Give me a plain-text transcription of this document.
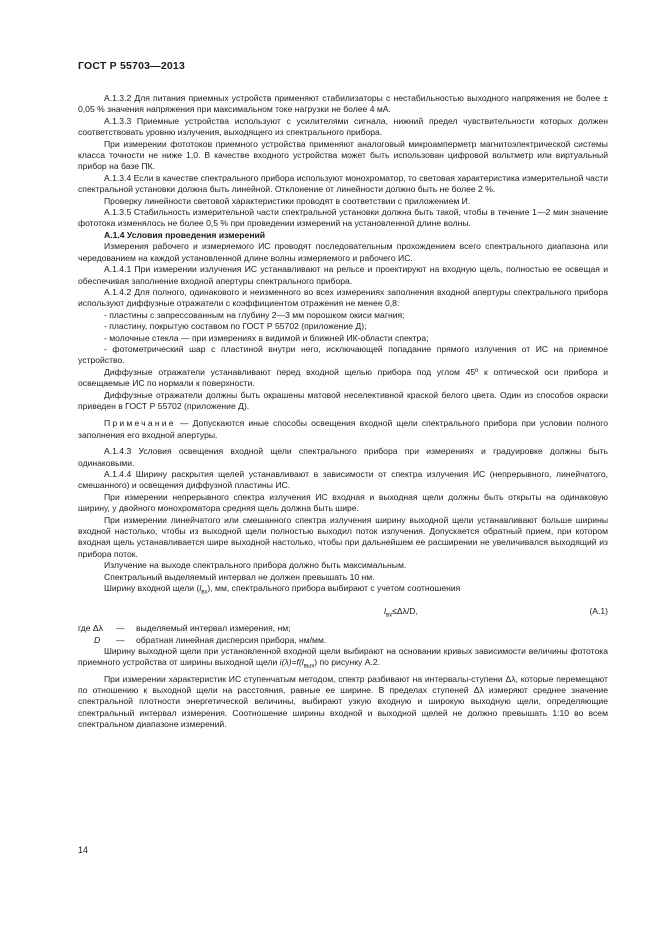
ГОСТ Р 55703—2013

А.1.3.2 Для питания приемных устройств применяют стабилизаторы с нестабильностью выходного напряжения не более ± 0,05 % значения напряжения при максимальном токе нагрузки не более 4 мА.

А.1.3.3 Приемные устройства используют с усилителями сигнала, нижний предел чувствительности которых должен соответствовать уровню излучения, выходящего из спектрального прибора.

При измерении фототоков приемного устройства применяют аналоговый микроамперметр магнитоэлектрической системы класса точности не ниже 1,0. В качестве входного устройства может быть использован цифровой вольтметр или виртуальный прибор на базе ПК.

А.1.3.4 Если в качестве спектрального прибора используют монохроматор, то световая характеристика измерительной части спектральной установки должна быть линейной. Отклонение от линейности должно быть не более 2 %.

Проверку линейности световой характеристики проводят в соответствии с приложением И.

А.1.3.5 Стабильность измерительной части спектральной установки должна быть такой, чтобы в течение 1—2 мин значение фототока изменялось не более 0,5 % при проведении измерений на установленной длине волны.

А.1.4 Условия проведения измерений

Измерения рабочего и измеряемого ИС проводят последовательным прохождением всего спектрального диапазона или чередованием на каждой установленной длине волны измеряемого и рабочего ИС.

А.1.4.1 При измерении излучения ИС устанавливают на рельсе и проектируют на входную щель, полностью ее освещая и обеспечивая заполнение входной апертуры спектрального прибора.

А.1.4.2 Для полного, одинакового и неизменного во всех измерениях заполнения входной апертуры спектрального прибора используют диффузные отражатели с коэффициентом отражения не менее 0,8:

- пластины с запрессованным на глубину 2—3 мм порошком окиси магния;

- пластину, покрытую составом по ГОСТ Р 55702 (приложение Д);

- молочные стекла — при измерениях в видимой и ближней ИК-области спектра;

- фотометрический шар с пластиной внутри него, исключающей попадание прямого излучения от ИС на приемное устройство.

Диффузные отражатели устанавливают перед входной щелью прибора под углом 45º к оптической оси прибора и освещаемые ИС по нормали к поверхности.

Диффузные отражатели должны быть окрашены матовой неселективной краской белого цвета. Один из способов окраски приведен в ГОСТ Р 55702 (приложение Д).

Примечание — Допускаются иные способы освещения входной щели спектрального прибора при условии полного заполнения его входной апертуры.

А.1.4.3 Условия освещения входной щели спектрального прибора при измерениях и градуировке должны быть одинаковыми.

А.1.4.4 Ширину раскрытия щелей устанавливают в зависимости от спектра излучения ИС (непрерывного, линейчатого, смешанного) и освещения диффузной пластины ИС.

При измерении непрерывного спектра излучения ИС входная и выходная щели должны быть открыты на одинаковую ширину, у двойного монохроматора средняя щель должна быть шире.

При измерении линейчатого или смешанного спектра излучения ширину выходной щели устанавливают больше ширины входной настолько, чтобы из выходной щели полностью выходил поток излучения. Допускается обратный прием, при котором входная щель устанавливается шире выходной настолько, чтобы при дальнейшем ее расширении не увеличивался выходящий из прибора поток.

Излучение на выходе спектрального прибора должно быть максимальным.

Спектральный выделяемый интервал не должен превышать 10 нм.

Ширину входной щели $(l_{вх})$, мм, спектрального прибора выбирают с учетом соотношения

$l_{вх}\le\Delta\lambda/D$,	(А.1)
где Δλ	—	выделяемый интервал измерения, нм;
D	—	обратная линейная дисперсия прибора, нм/мм.

Ширину выходной щели при установленной входной щели выбирают на основании кривых зависимости величины фототока приемного устройства от ширины выходной щели $i(\lambda)=f(l_{вых})$ по рисунку А.2.

При измерении характеристик ИС ступенчатым методом, спектр разбивают на интервалы-ступени Δλ, которые перемещают по отношению к выходной щели на расстояния, равные ее ширине. В пределах ступеней Δλ измеряют среднее значение спектральной плотности энергетической величины, выбирают узкую входную и широкую выходную щели, определяющие спектральный интервал измерения. Соотношение ширины входной и выходной щелей не должно превышать 1:10 во всем спектральном диапазоне измерений.

14
